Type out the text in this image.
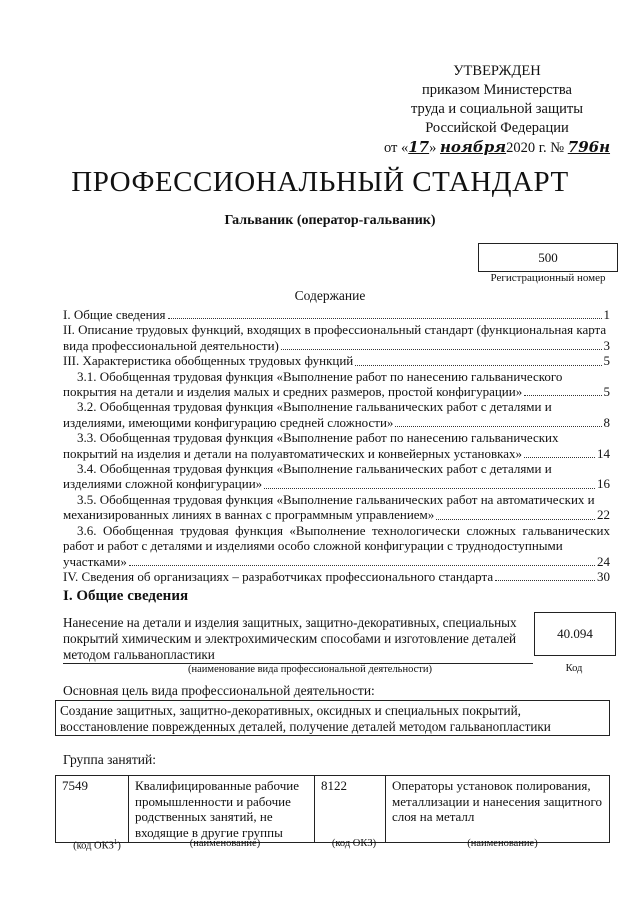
УТВЕРЖДЕН
приказом Министерства
труда и социальной защиты
Российской Федерации
от «17» ноября2020 г. № 796н
ПРОФЕССИОНАЛЬНЫЙ СТАНДАРТ
Гальваник (оператор-гальваник)
500
Регистрационный номер
Содержание
I. Общие сведения	1
II. Описание трудовых функций, входящих в профессиональный стандарт (функциональная карта
вида профессиональной деятельности)	3
III. Характеристика обобщенных трудовых функций	5
3.1. Обобщенная трудовая функция «Выполнение работ по нанесению гальванического
покрытия на детали и изделия малых и средних размеров, простой конфигурации»	5
3.2. Обобщенная трудовая функция «Выполнение гальванических работ с деталями и
изделиями, имеющими конфигурацию средней сложности»	8
3.3. Обобщенная трудовая функция «Выполнение работ по нанесению гальванических
покрытий на изделия и детали на полуавтоматических и конвейерных установках»	14
3.4. Обобщенная трудовая функция «Выполнение гальванических работ с деталями и
изделиями сложной конфигурации»	16
3.5. Обобщенная трудовая функция «Выполнение гальванических работ на автоматических и
механизированных линиях в ваннах с программным управлением»	22
3.6. Обобщенная трудовая функция «Выполнение технологически сложных гальванических работ и работ с деталями и изделиями особо сложной конфигурации с труднодоступными
участками»	24
IV. Сведения об организациях – разработчиках профессионального стандарта	30
I. Общие сведения
Нанесение на детали и изделия защитных, защитно-декоративных, специальных покрытий химическим и электрохимическим способами и изготовление деталей методом гальванопластики
(наименование вида профессиональной деятельности)
40.094
Код
Основная цель вида профессиональной деятельности:
Создание защитных, защитно-декоративных, оксидных и специальных покрытий, восстановление поврежденных деталей, получение деталей методом гальванопластики
Группа занятий:
7549	Квалифицированные рабочие промышленности и рабочие родственных занятий, не входящие в другие группы	8122	Операторы установок полирования, металлизации и нанесения защитного слоя на металл
(код ОКЗ$^1$)	(наименование)	(код ОКЗ)	(наименование)
